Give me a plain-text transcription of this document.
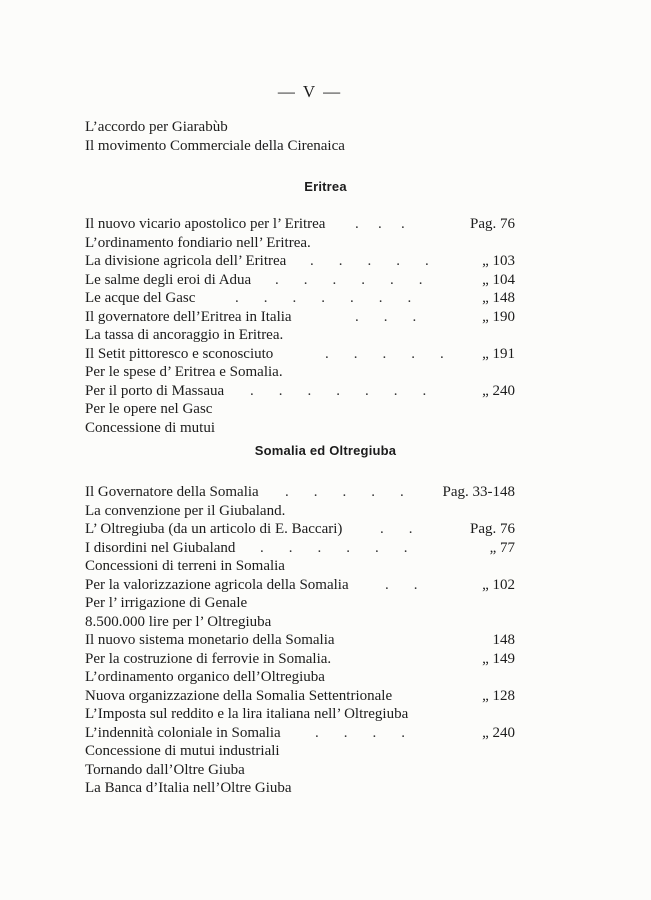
— V —
L’accordo per Giarabùb
Il movimento Commerciale della Cirenaica
Eritrea
Il nuovo vicario apostolico per l’ Eritrea .   .   .	Pag. 76
L’ordinamento fondiario nell’ Eritrea.
La divisione agricola dell’ Eritrea .    .    .    .    .	„ 103
Le salme degli eroi di Adua .    .    .    .    .    .	„ 104
Le acque del Gasc	.    .    .    .    .    .    .	„ 148
Il governatore dell’Eritrea in Italia	.    .    .	„ 190
La tassa di ancoraggio in Eritrea.
Il Setit pittoresco e sconosciuto	.    .    .    .    .	„ 191
Per le spese d’ Eritrea e Somalia.
Per il porto di Massaua .    .    .    .    .    .    .	„ 240
Per le opere nel Gasc
Concessione di mutui
Somalia ed Oltregiuba
Il Governatore della Somalia .    .    .    .    .	Pag. 33-148
La convenzione per il Giubaland.
L’ Oltregiuba (da un articolo di E. Baccari)	.    .	Pag. 76
I disordini nel Giubaland .    .    .    .    .    .	„ 77
Concessioni di terreni in Somalia
Per la valorizzazione agricola della Somalia .    .	„ 102
Per l’ irrigazione di Genale
8.500.000 lire per l’ Oltregiuba
Il nuovo sistema monetario della Somalia	148
Per la costruzione di ferrovie in Somalia.	„ 149
L’ordinamento organico dell’Oltregiuba
Nuova organizzazione della Somalia Settentrionale	„ 128
L’Imposta sul reddito e la lira italiana nell’ Oltregiuba
L’indennità coloniale in Somalia .    .    .    .	„ 240
Concessione di mutui industriali
Tornando dall’Oltre Giuba
La Banca d’Italia nell’Oltre Giuba
